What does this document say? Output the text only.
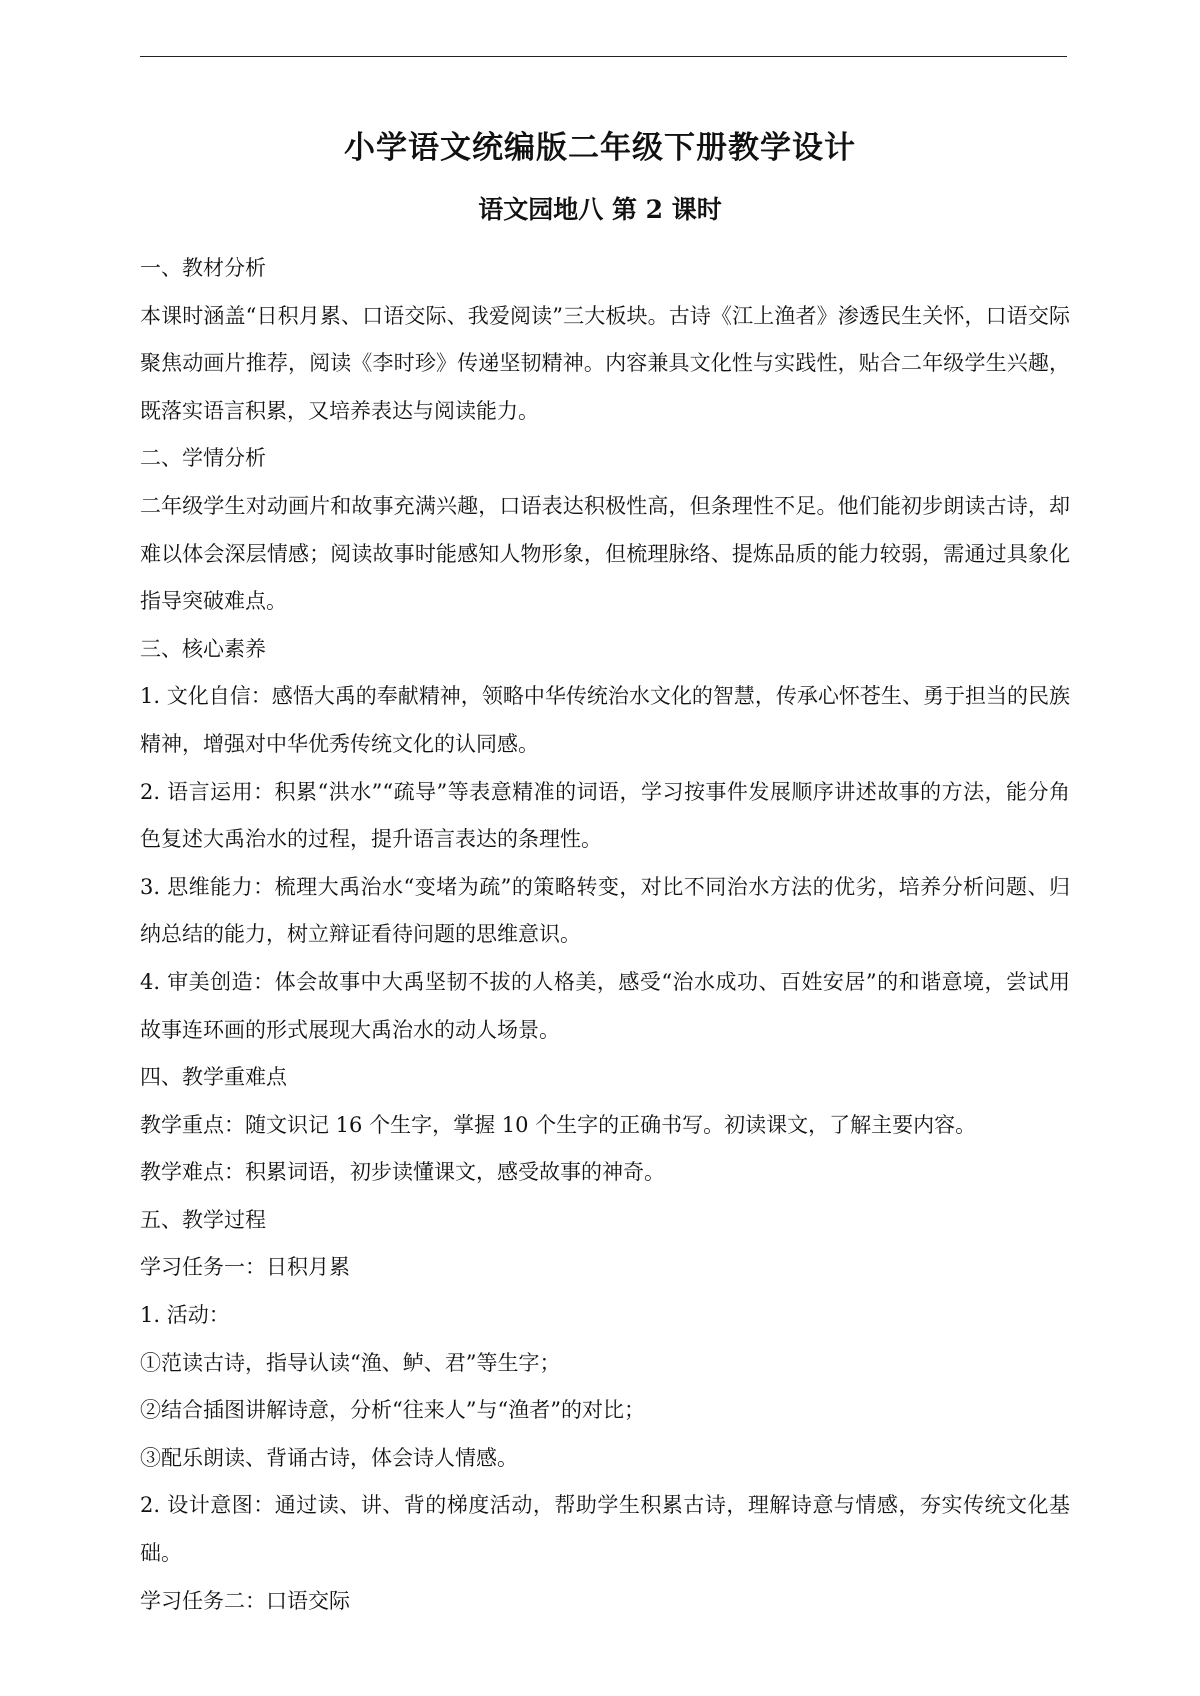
小学语文统编版二年级下册教学设计
语文园地八 第 2 课时

一、教材分析

本课时涵盖“日积月累、口语交际、我爱阅读”三大板块。古诗《江上渔者》渗透民生关怀，口语交际聚焦动画片推荐，阅读《李时珍》传递坚韧精神。内容兼具文化性与实践性，贴合二年级学生兴趣，既落实语言积累，又培养表达与阅读能力。

二、学情分析

二年级学生对动画片和故事充满兴趣，口语表达积极性高，但条理性不足。他们能初步朗读古诗，却难以体会深层情感；阅读故事时能感知人物形象，但梳理脉络、提炼品质的能力较弱，需通过具象化指导突破难点。

三、核心素养

1. 文化自信：感悟大禹的奉献精神，领略中华传统治水文化的智慧，传承心怀苍生、勇于担当的民族精神，增强对中华优秀传统文化的认同感。

2. 语言运用：积累“洪水”“疏导”等表意精准的词语，学习按事件发展顺序讲述故事的方法，能分角色复述大禹治水的过程，提升语言表达的条理性。

3. 思维能力：梳理大禹治水“变堵为疏”的策略转变，对比不同治水方法的优劣，培养分析问题、归纳总结的能力，树立辩证看待问题的思维意识。

4. 审美创造：体会故事中大禹坚韧不拔的人格美，感受“治水成功、百姓安居”的和谐意境，尝试用故事连环画的形式展现大禹治水的动人场景。

四、教学重难点

教学重点：随文识记 16 个生字，掌握 10 个生字的正确书写。初读课文，了解主要内容。

教学难点：积累词语，初步读懂课文，感受故事的神奇。

五、教学过程

学习任务一：日积月累

1. 活动：

①范读古诗，指导认读“渔、鲈、君”等生字；

②结合插图讲解诗意，分析“往来人”与“渔者”的对比；

③配乐朗读、背诵古诗，体会诗人情感。

2. 设计意图：通过读、讲、背的梯度活动，帮助学生积累古诗，理解诗意与情感，夯实传统文化基础。

学习任务二：口语交际
